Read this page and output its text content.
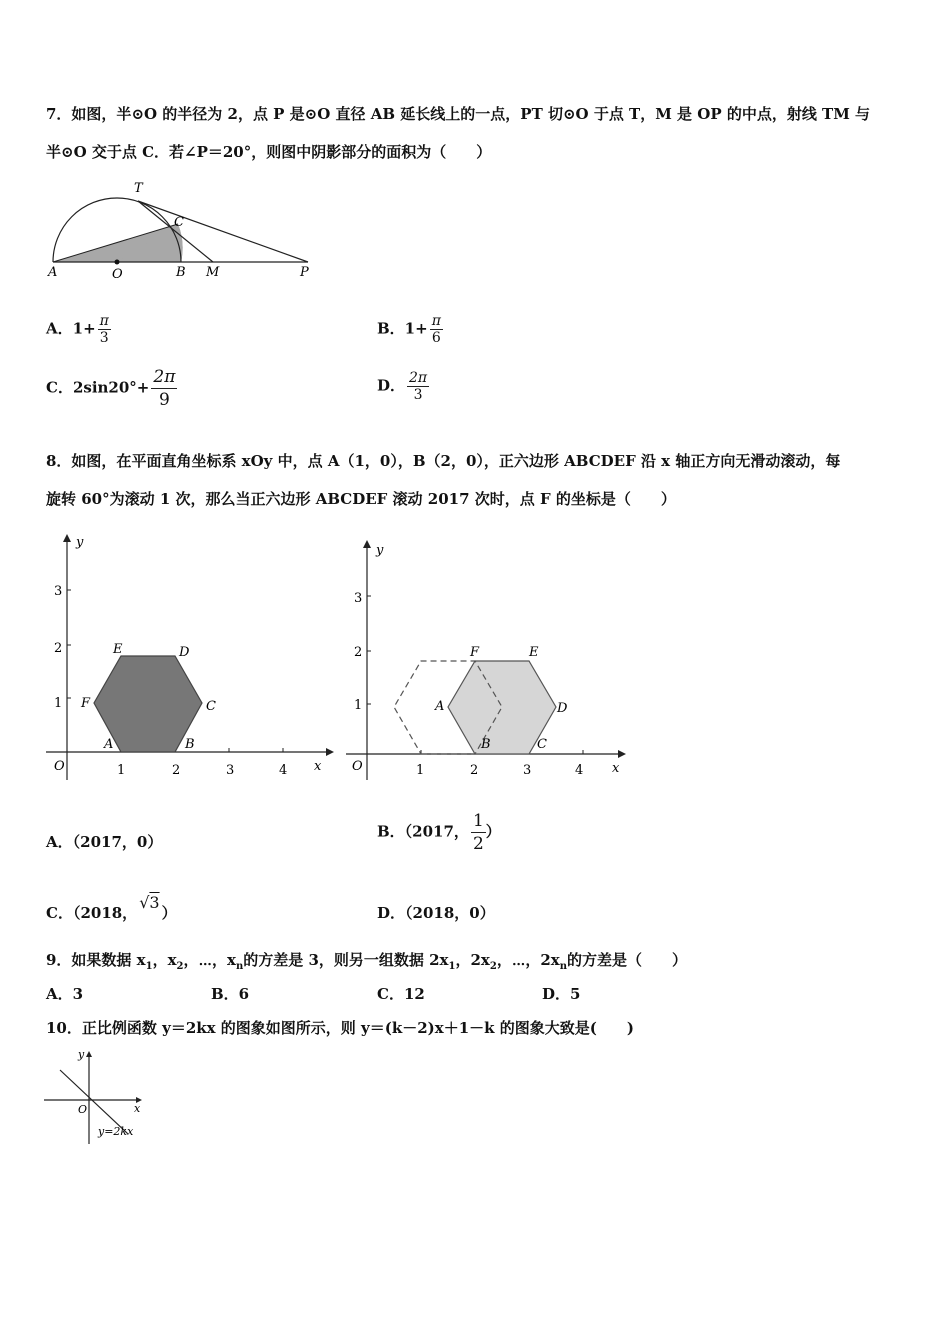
7．如图，半⊙O 的半径为 2，点 P 是⊙O 直径 AB 延长线上的一点，PT 切⊙O 于点 T，M 是 OP 的中点，射线 TM 与
半⊙O 交于点 C．若∠P＝20°，则图中阴影部分的面积为（　　）
T
C
A	O	B M	P
A．$1+ \frac{\pi}{3}$	B．$1+ \frac{\pi}{6}$
C．$2\sin 20^\circ+ \frac{2\pi}{9}$	D． $\frac{2\pi}{3}$
8．如图，在平面直角坐标系 xOy 中，点 A（1，0），B（2，0），正六边形 ABCDEF 沿 x 轴正方向无滑动滚动，每
旋转 60°为滚动 1 次，那么当正六边形 ABCDEF 滚动 2017 次时，点 F 的坐标是（　　）
y
x
O	1	2	3	4
1
2
3
A	B
C
D
E
F
y
x
O	1	2	3	4
1
2
3
A
B	C
D
E
F
A．（2017，0）
B．（2017， $\frac{1}{2}$ ）
C．（2018，√3）	D．（2018，0）
9．如果数据 $x_1$，$x_2$，⋯，$x_n$的方差是 3，则另一组数据 $2x_1$，$2x_2$，⋯，$2x_n$的方差是（　　）
A．3	B．6	C．12	D．5
10．正比例函数 y＝2kx 的图象如图所示，则 y＝(k－2)x＋1－k 的图象大致是(　　)
y
x
O
y=2kx
